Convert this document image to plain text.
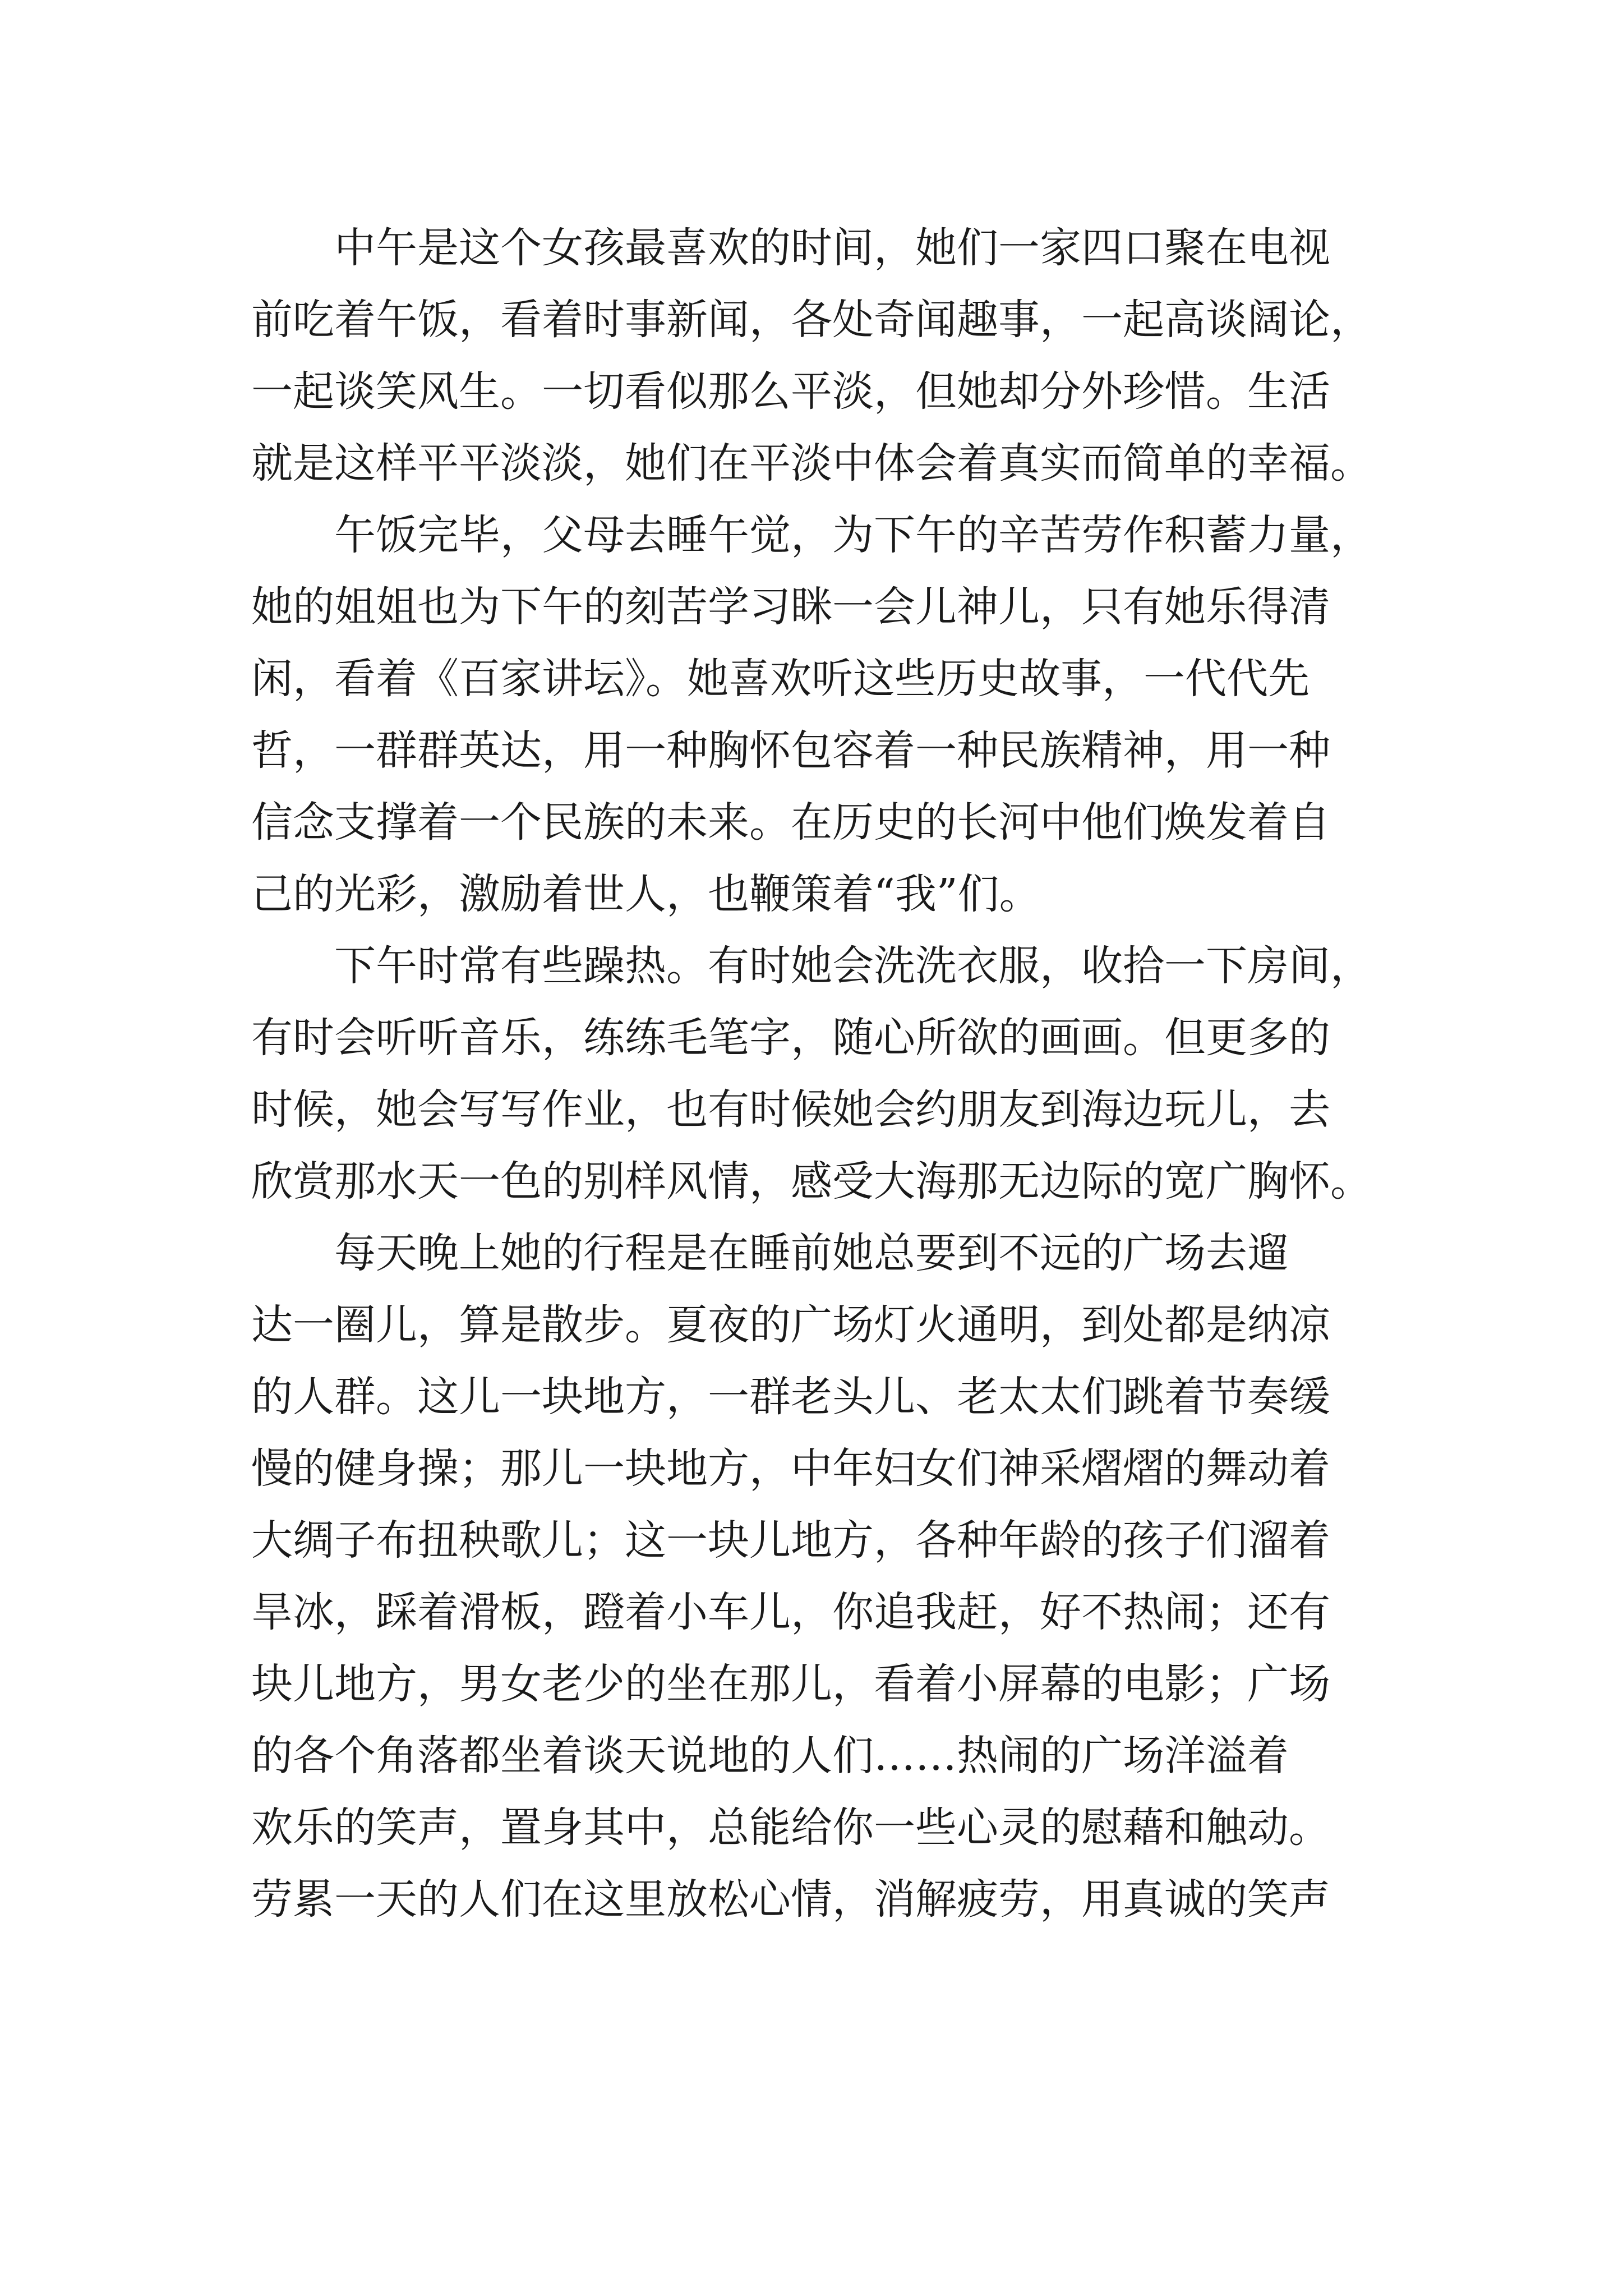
中午是这个女孩最喜欢的时间，她们一家四口聚在电视
前吃着午饭，看着时事新闻，各处奇闻趣事，一起高谈阔论，
一起谈笑风生。一切看似那么平淡，但她却分外珍惜。生活
就是这样平平淡淡，她们在平淡中体会着真实而简单的幸福。
午饭完毕，父母去睡午觉，为下午的辛苦劳作积蓄力量，
她的姐姐也为下午的刻苦学习眯一会儿神儿，只有她乐得清
闲，看着《百家讲坛》。她喜欢听这些历史故事，一代代先
哲，一群群英达，用一种胸怀包容着一种民族精神，用一种
信念支撑着一个民族的未来。在历史的长河中他们焕发着自
己的光彩，激励着世人，也鞭策着“我”们。
下午时常有些躁热。有时她会洗洗衣服，收拾一下房间，
有时会听听音乐，练练毛笔字，随心所欲的画画。但更多的
时候，她会写写作业，也有时候她会约朋友到海边玩儿，去
欣赏那水天一色的别样风情，感受大海那无边际的宽广胸怀。
每天晚上她的行程是在睡前她总要到不远的广场去遛
达一圈儿，算是散步。夏夜的广场灯火通明，到处都是纳凉
的人群。这儿一块地方，一群老头儿、老太太们跳着节奏缓
慢的健身操；那儿一块地方，中年妇女们神采熠熠的舞动着
大绸子布扭秧歌儿；这一块儿地方，各种年龄的孩子们溜着
旱冰，踩着滑板，蹬着小车儿，你追我赶，好不热闹；还有
块儿地方，男女老少的坐在那儿，看着小屏幕的电影；广场
的各个角落都坐着谈天说地的人们……热闹的广场洋溢着
欢乐的笑声，置身其中，总能给你一些心灵的慰藉和触动。
劳累一天的人们在这里放松心情，消解疲劳，用真诚的笑声
